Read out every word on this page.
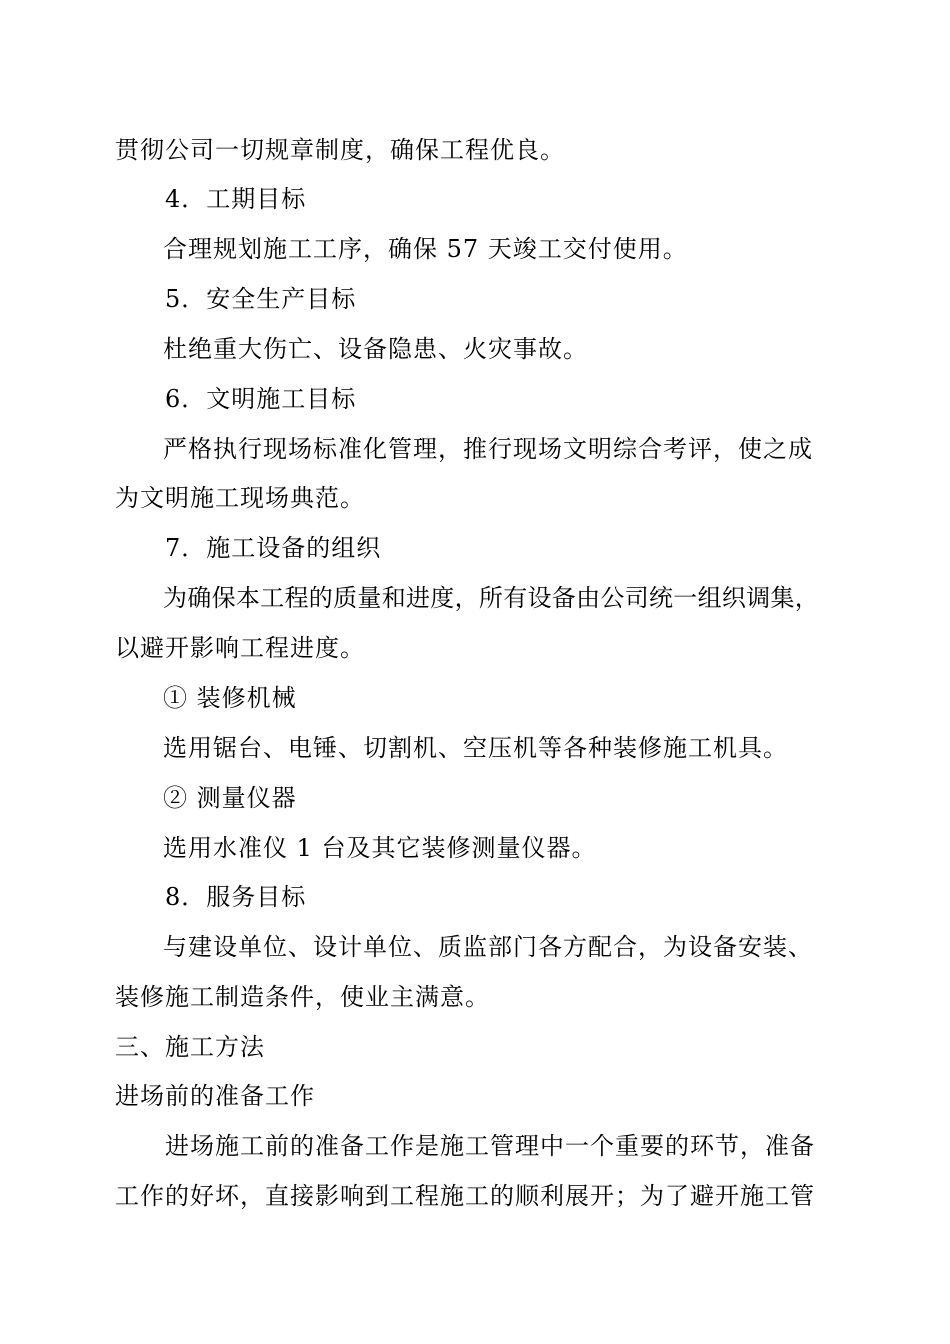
贯彻公司一切规章制度，确保工程优良。
4．工期目标
合理规划施工工序，确保 57 天竣工交付使用。
5．安全生产目标
杜绝重大伤亡、设备隐患、火灾事故。
6．文明施工目标
严格执行现场标准化管理，推行现场文明综合考评，使之成
为文明施工现场典范。
7．施工设备的组织
为确保本工程的质量和进度，所有设备由公司统一组织调集，
以避开影响工程进度。
① 装修机械
选用锯台、电锤、切割机、空压机等各种装修施工机具。
② 测量仪器
选用水准仪 1 台及其它装修测量仪器。
8．服务目标
与建设单位、设计单位、质监部门各方配合，为设备安装、
装修施工制造条件，使业主满意。
三、施工方法
进场前的准备工作
进场施工前的准备工作是施工管理中一个重要的环节，准备
工作的好坏，直接影响到工程施工的顺利展开；为了避开施工管
